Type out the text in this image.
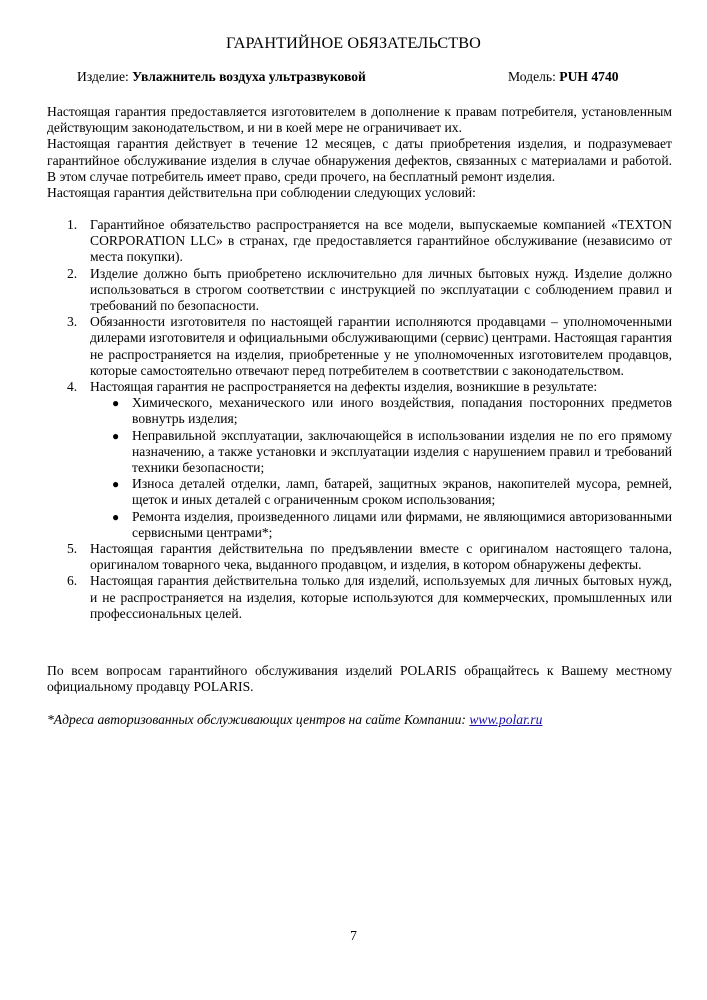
ГАРАНТИЙНОЕ ОБЯЗАТЕЛЬСТВО
Изделие: Увлажнитель воздуха ультразвуковой	Модель: PUH 4740

Настоящая гарантия предоставляется изготовителем в дополнение к правам потребителя, установленным действующим законодательством, и ни в коей мере не ограничивает их.

Настоящая гарантия действует в течение 12 месяцев, с даты приобретения изделия, и подразумевает гарантийное обслуживание изделия в случае обнаружения дефектов, связанных с материалами и работой. В этом случае потребитель имеет право, среди прочего, на бесплатный ремонт изделия.

Настоящая гарантия действительна при соблюдении следующих условий:

1. Гарантийное обязательство распространяется на все модели, выпускаемые компанией «TEXTON CORPORATION LLC» в странах, где предоставляется гарантийное обслуживание (независимо от места покупки).
2. Изделие должно быть приобретено исключительно для личных бытовых нужд. Изделие должно использоваться в строгом соответствии с инструкцией по эксплуатации с соблюдением правил и требований по безопасности.
3. Обязанности изготовителя по настоящей гарантии исполняются продавцами – уполномоченными дилерами изготовителя и официальными обслуживающими (сервис) центрами. Настоящая гарантия не распространяется на изделия, приобретенные у не уполномоченных изготовителем продавцов, которые самостоятельно отвечают перед потребителем в соответствии с законодательством.
4. Настоящая гарантия не распространяется на дефекты изделия, возникшие в результате:
● Химического, механического или иного воздействия, попадания посторонних предметов вовнутрь изделия;
● Неправильной эксплуатации, заключающейся в использовании изделия не по его прямому назначению, а также установки и эксплуатации изделия с нарушением правил и требований техники безопасности;
● Износа деталей отделки, ламп, батарей, защитных экранов, накопителей мусора, ремней, щеток и иных деталей с ограниченным сроком использования;
● Ремонта изделия, произведенного лицами или фирмами, не являющимися авторизованными сервисными центрами*;
5. Настоящая гарантия действительна по предъявлении вместе с оригиналом настоящего талона, оригиналом товарного чека, выданного продавцом, и изделия, в котором обнаружены дефекты.
6. Настоящая гарантия действительна только для изделий, используемых для личных бытовых нужд, и не распространяется на изделия, которые используются для коммерческих, промышленных или профессиональных целей.

По всем вопросам гарантийного обслуживания изделий POLARIS обращайтесь к Вашему местному официальному продавцу POLARIS.

*Адреса авторизованных обслуживающих центров на сайте Компании: www.polar.ru

7
